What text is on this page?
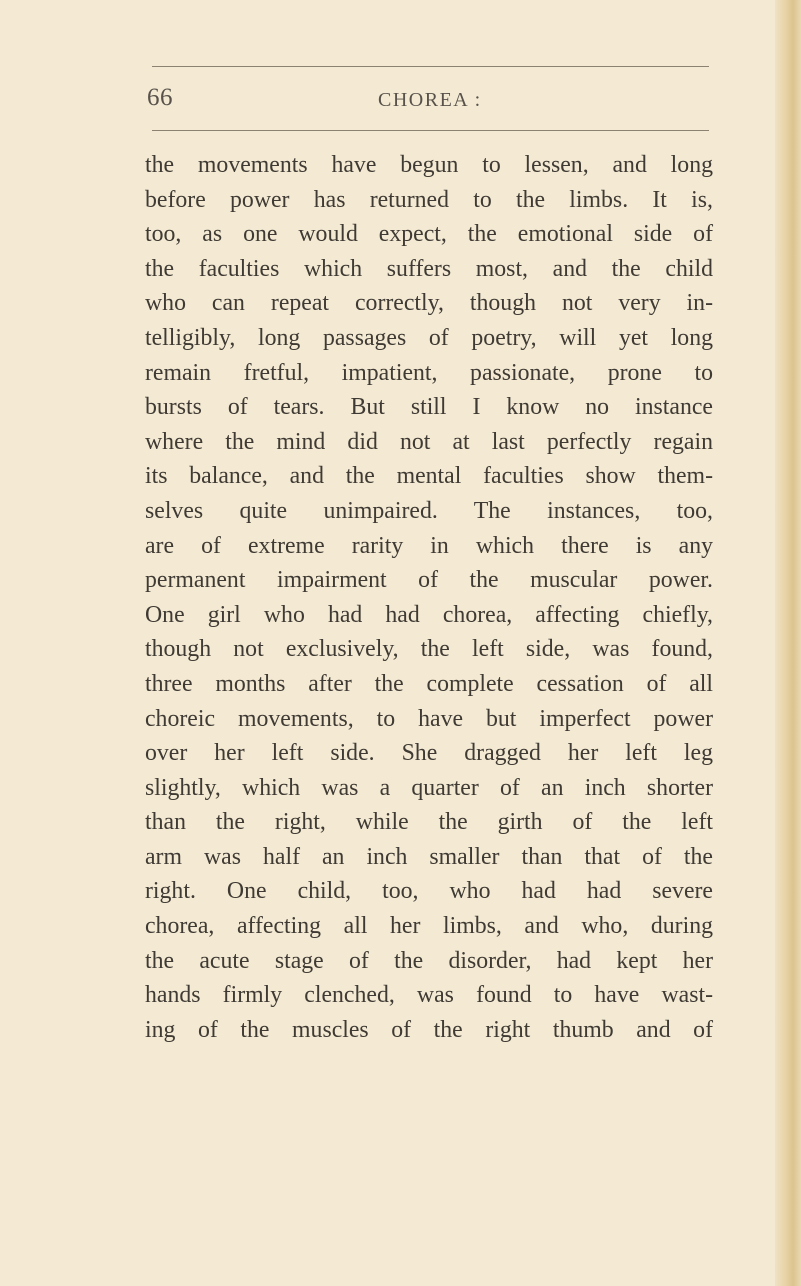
66	CHOREA :
the movements have begun to lessen, and long
before power has returned to the limbs. It is,
too, as one would expect, the emotional side of
the faculties which suffers most, and the child
who can repeat correctly, though not very in-
telligibly, long passages of poetry, will yet long
remain fretful, impatient, passionate, prone to
bursts of tears. But still I know no instance
where the mind did not at last perfectly regain
its balance, and the mental faculties show them-
selves quite unimpaired. The instances, too,
are of extreme rarity in which there is any
permanent impairment of the muscular power.
One girl who had had chorea, affecting chiefly,
though not exclusively, the left side, was found,
three months after the complete cessation of all
choreic movements, to have but imperfect power
over her left side. She dragged her left leg
slightly, which was a quarter of an inch shorter
than the right, while the girth of the left
arm was half an inch smaller than that of the
right. One child, too, who had had severe
chorea, affecting all her limbs, and who, during
the acute stage of the disorder, had kept her
hands firmly clenched, was found to have wast-
ing of the muscles of the right thumb and of
